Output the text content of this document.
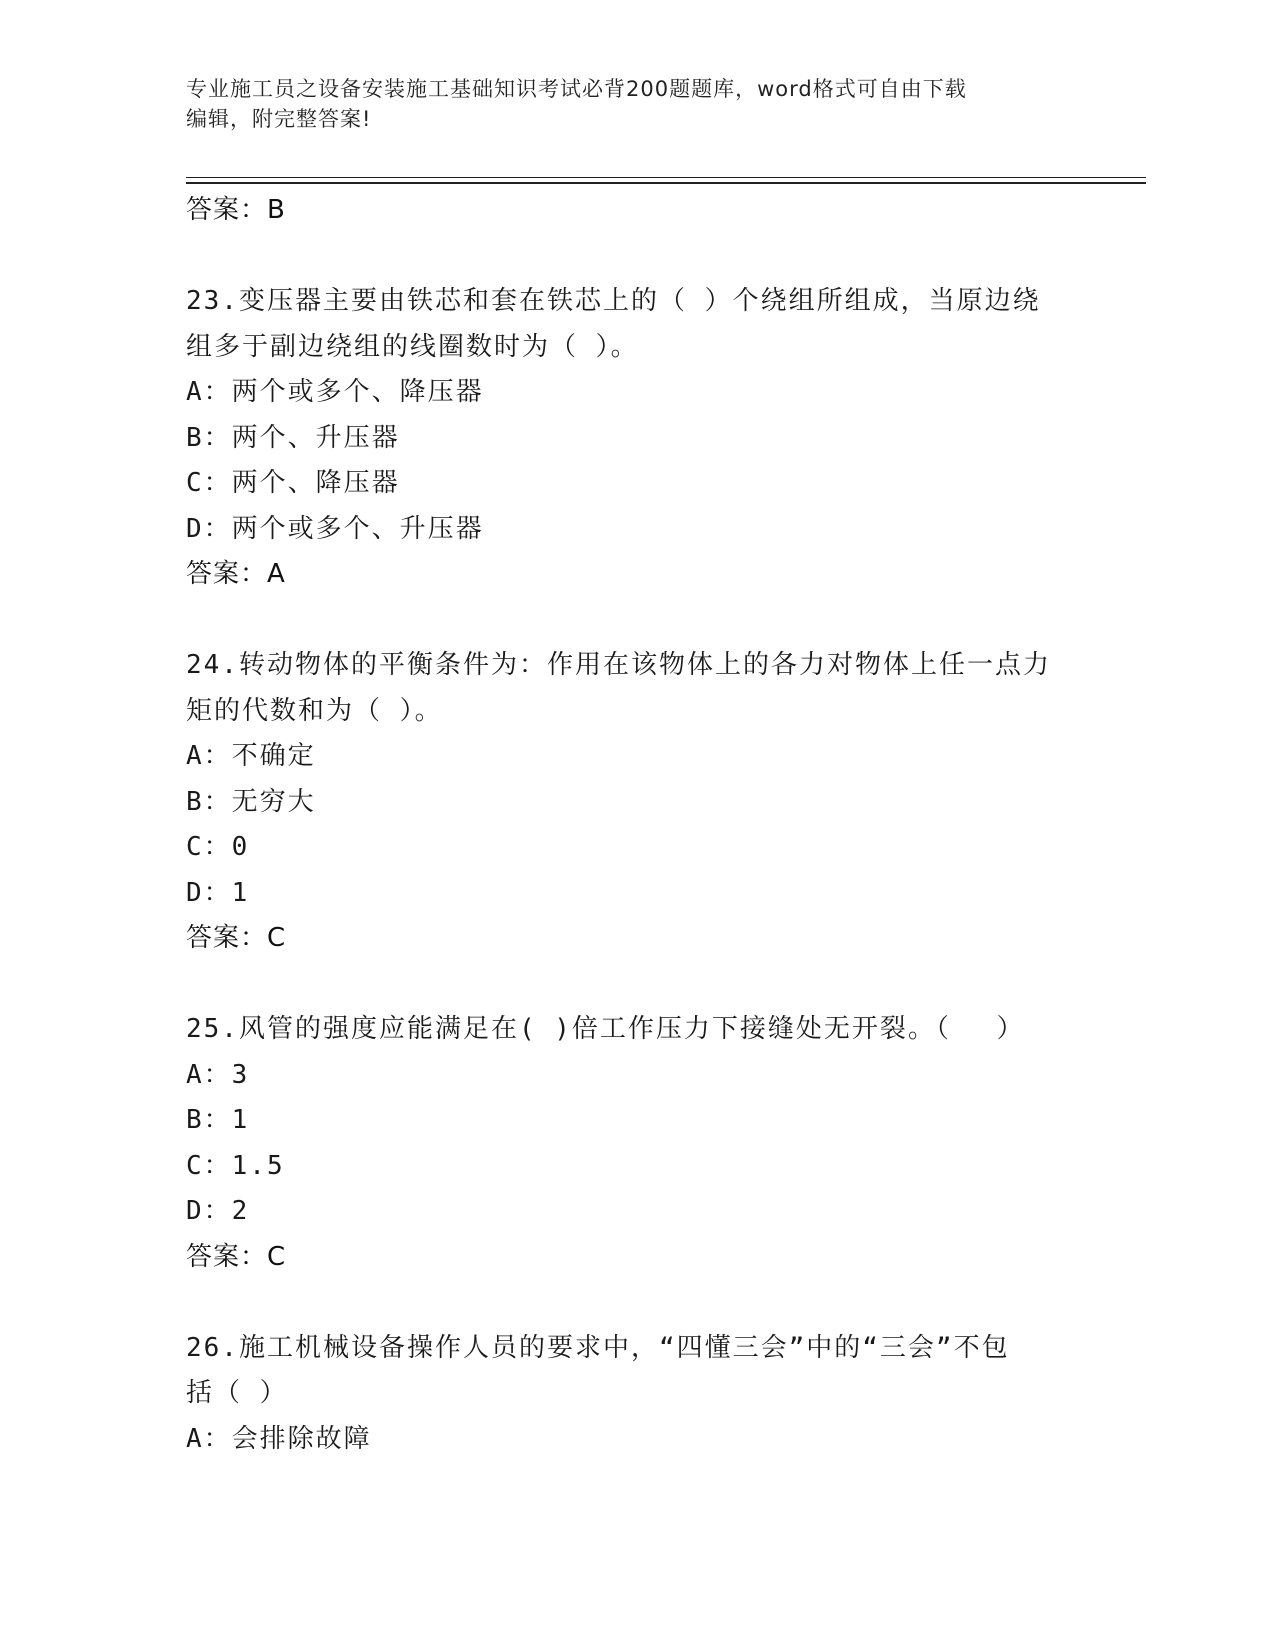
专业施工员之设备安装施工基础知识考试必背200题题库，word格式可自由下载
编辑，附完整答案!
答案：B
23.变压器主要由铁芯和套在铁芯上的（ ）个绕组所组成，当原边绕
组多于副边绕组的线圈数时为（ ）。
A：两个或多个、降压器
B：两个、升压器
C：两个、降压器
D：两个或多个、升压器
答案：A
24.转动物体的平衡条件为：作用在该物体上的各力对物体上任一点力
矩的代数和为（ ）。
A：不确定
B：无穷大
C：0
D：1
答案：C
25.风管的强度应能满足在( )倍工作压力下接缝处无开裂。（　 ）
A：3
B：1
C：1.5
D：2
答案：C
26.施工机械设备操作人员的要求中，“四懂三会”中的“三会”不包
括（ ）
A：会排除故障
